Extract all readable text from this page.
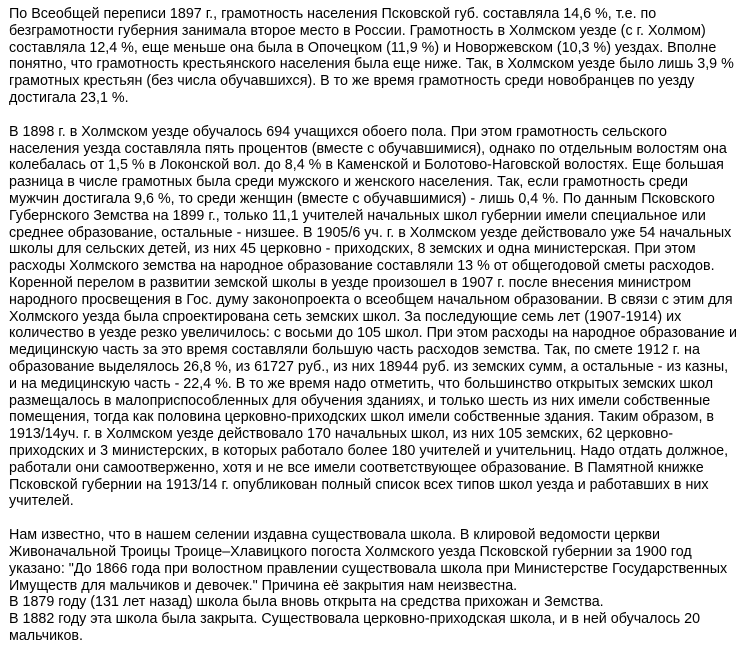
По Всеобщей переписи 1897 г., грамотность населения Псковской губ. составляла 14,6 %, т.е. по безграмотности губерния занимала второе место в России. Грамотность в Холмском уезде (с г. Холмом) составляла 12,4 %, еще меньше она была в Опочецком (11,9 %) и Новоржевском (10,3 %) уездах. Вполне понятно, что грамотность крестьянского населения была еще ниже. Так, в Холмском уезде было лишь 3,9 % грамотных крестьян (без числа обучавшихся). В то же время грамотность среди новобранцев по уезду достигала 23,1 %.

В 1898 г. в Холмском уезде обучалось 694 учащихся обоего пола. При этом грамотность сельского населения уезда составляла пять процентов (вместе с обучавшимися), однако по отдельным волостям она колебалась от 1,5 % в Локонской вол. до 8,4 % в Каменской и Болотово-Наговской волостях. Еще большая разница в числе грамотных была среди мужского и женского населения. Так, если грамотность среди мужчин достигала 9,6 %, то среди женщин (вместе с обучавшимися) - лишь 0,4 %. По данным Псковского Губернского Земства на 1899 г., только 11,1 учителей начальных школ губернии имели специальное или среднее образование, остальные - низшее. В 1905/6 уч. г. в Холмском уезде действовало уже 54 начальных школы для сельских детей, из них 45 церковно - приходских, 8 земских и одна министерская. При этом расходы Холмского земства на народное образование составляли 13 % от общегодовой сметы расходов. Коренной перелом в развитии земской школы в уезде произошел в 1907 г. после внесения министром народного просвещения в Гос. думу законопроекта о всеобщем начальном образовании. В связи с этим для Холмского уезда была спроектирована сеть земских школ. За последующие семь лет (1907-1914) их количество в уезде резко увеличилось: с восьми до 105 школ. При этом расходы на народное образование и медицинскую часть за это время составляли большую часть расходов земства. Так, по смете 1912 г. на образование выделялось 26,8 %, из 61727 руб., из них 18944 руб. из земских сумм, а остальные - из казны, и на медицинскую часть - 22,4 %. В то же время надо отметить, что большинство открытых земских школ размещалось в малоприспособленных для обучения зданиях, и только шесть из них имели собственные помещения, тогда как половина церковно-приходских школ имели собственные здания. Таким образом, в 1913/14уч. г. в Холмском уезде действовало 170 начальных школ, из них 105 земских, 62 церковно-приходских и 3 министерских, в которых работало более 180 учителей и учительниц. Надо отдать должное, работали они самоотверженно, хотя и не все имели соответствующее образование. В Памятной книжке Псковской губернии на 1913/14 г. опубликован полный список всех типов школ уезда и работавших в них учителей.

Нам известно, что в нашем селении издавна существовала школа. В клировой ведомости церкви Живоначальной Троицы Троице–Хлавицкого погоста Холмского уезда Псковской губернии за 1900 год указано: "До 1866 года при волостном правлении существовала школа при Министерстве Государственных Имуществ для мальчиков и девочек." Причина её закрытия нам неизвестна.
В 1879 году (131 лет назад) школа была вновь открыта на средства прихожан и Земства.
В 1882 году эта школа была закрыта. Существовала церковно-приходская школа, и в ней обучалось 20 мальчиков.
